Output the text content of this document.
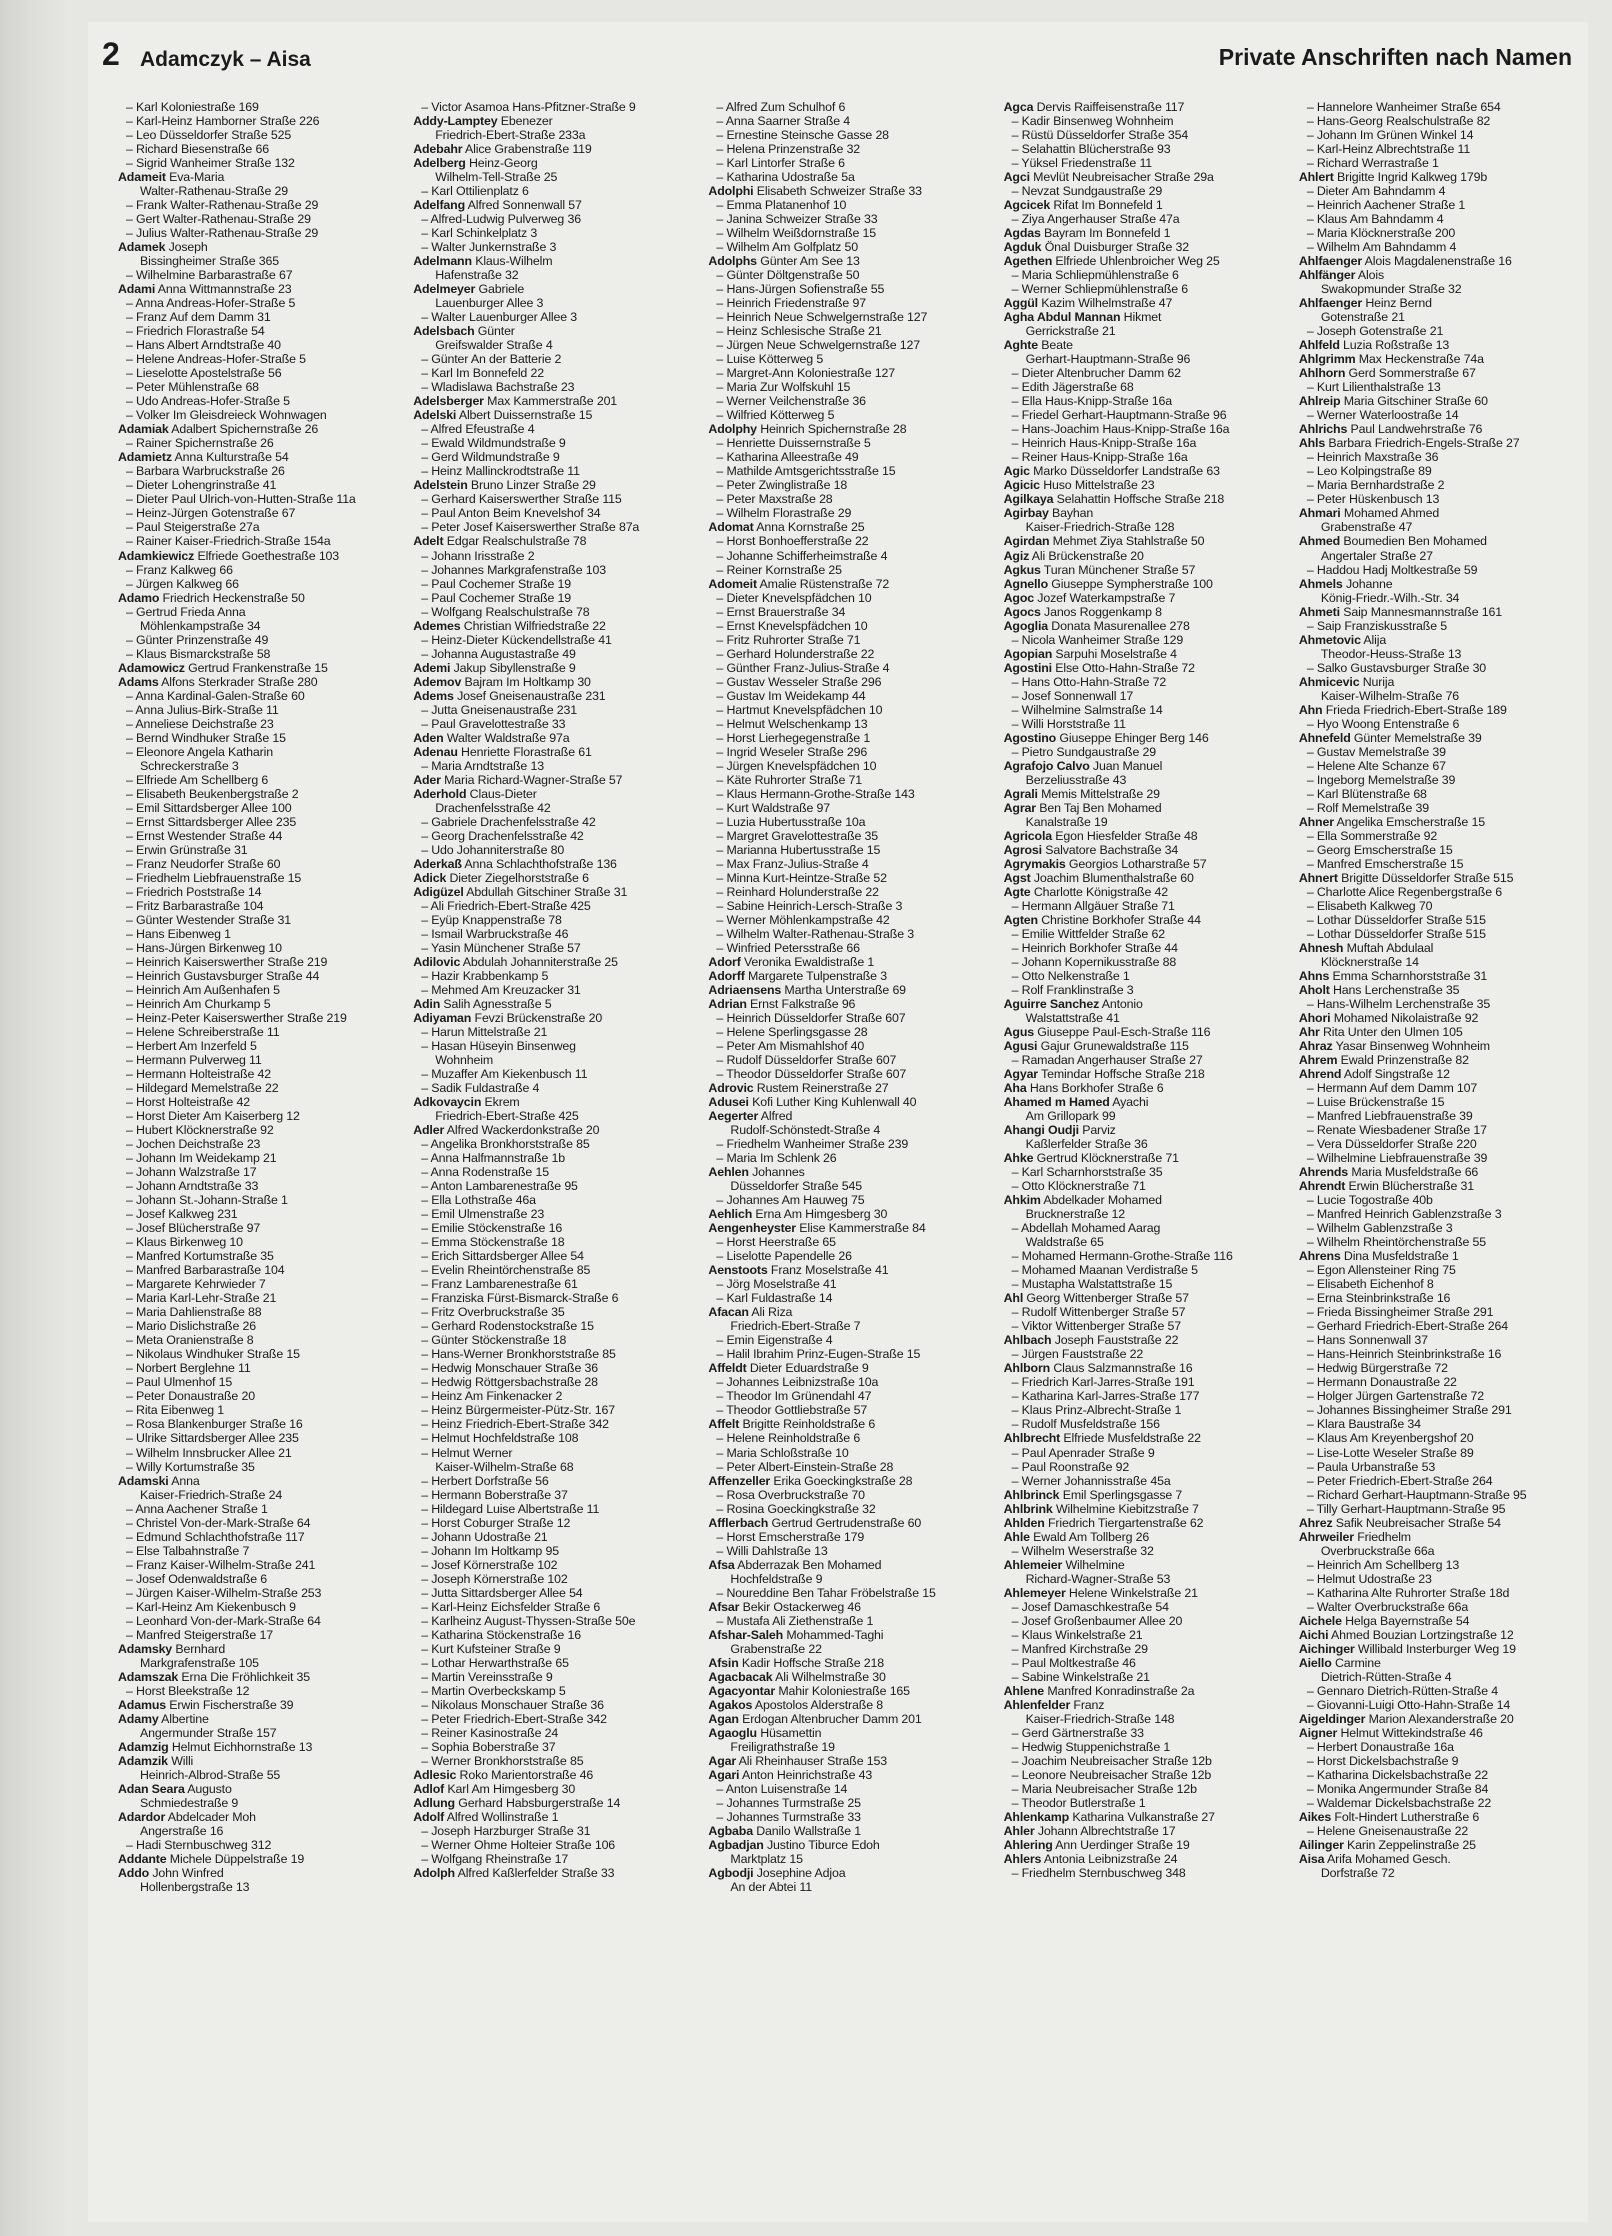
2 Adamczyk – Aisa	Private Anschriften nach Namen
– Karl Koloniestraße 169
– Karl-Heinz Hamborner Straße 226
– Leo Düsseldorfer Straße 525
– Richard Biesenstraße 66
– Sigrid Wanheimer Straße 132
Adameit Eva-Maria
Walter-Rathenau-Straße 29
– Frank Walter-Rathenau-Straße 29
– Gert Walter-Rathenau-Straße 29
– Julius Walter-Rathenau-Straße 29
Adamek Joseph
Bissingheimer Straße 365
– Wilhelmine Barbarastraße 67
Adami Anna Wittmannstraße 23
– Anna Andreas-Hofer-Straße 5
– Franz Auf dem Damm 31
– Friedrich Florastraße 54
– Hans Albert Arndtstraße 40
– Helene Andreas-Hofer-Straße 5
– Lieselotte Apostelstraße 56
– Peter Mühlenstraße 68
– Udo Andreas-Hofer-Straße 5
– Volker Im Gleisdreieck Wohnwagen
Adamiak Adalbert Spichernstraße 26
– Rainer Spichernstraße 26
Adamietz Anna Kulturstraße 54
– Barbara Warbruckstraße 26
– Dieter Lohengrinstraße 41
– Dieter Paul Ulrich-von-Hutten-Straße 11a
– Heinz-Jürgen Gotenstraße 67
– Paul Steigerstraße 27a
– Rainer Kaiser-Friedrich-Straße 154a
Adamkiewicz Elfriede Goethestraße 103
– Franz Kalkweg 66
– Jürgen Kalkweg 66
Adamo Friedrich Heckenstraße 50
– Gertrud Frieda Anna
Möhlenkampstraße 34
– Günter Prinzenstraße 49
– Klaus Bismarckstraße 58
Adamowicz Gertrud Frankenstraße 15
Adams Alfons Sterkrader Straße 280
– Anna Kardinal-Galen-Straße 60
– Anna Julius-Birk-Straße 11
– Anneliese Deichstraße 23
– Bernd Windhuker Straße 15
– Eleonore Angela Katharin
Schreckerstraße 3
– Elfriede Am Schellberg 6
– Elisabeth Beukenbergstraße 2
– Emil Sittardsberger Allee 100
– Ernst Sittardsberger Allee 235
– Ernst Westender Straße 44
– Erwin Grünstraße 31
– Franz Neudorfer Straße 60
– Friedhelm Liebfrauenstraße 15
– Friedrich Poststraße 14
– Fritz Barbarastraße 104
– Günter Westender Straße 31
– Hans Eibenweg 1
– Hans-Jürgen Birkenweg 10
– Heinrich Kaiserswerther Straße 219
– Heinrich Gustavsburger Straße 44
– Heinrich Am Außenhafen 5
– Heinrich Am Churkamp 5
– Heinz-Peter Kaiserswerther Straße 219
– Helene Schreiberstraße 11
– Herbert Am Inzerfeld 5
– Hermann Pulverweg 11
– Hermann Holteistraße 42
– Hildegard Memelstraße 22
– Horst Holteistraße 42
– Horst Dieter Am Kaiserberg 12
– Hubert Klöcknerstraße 92
– Jochen Deichstraße 23
– Johann Im Weidekamp 21
– Johann Walzstraße 17
– Johann Arndtstraße 33
– Johann St.-Johann-Straße 1
– Josef Kalkweg 231
– Josef Blücherstraße 97
– Klaus Birkenweg 10
– Manfred Kortumstraße 35
– Manfred Barbarastraße 104
– Margarete Kehrwieder 7
– Maria Karl-Lehr-Straße 21
– Maria Dahlienstraße 88
– Mario Dislichstraße 26
– Meta Oranienstraße 8
– Nikolaus Windhuker Straße 15
– Norbert Berglehne 11
– Paul Ulmenhof 15
– Peter Donaustraße 20
– Rita Eibenweg 1
– Rosa Blankenburger Straße 16
– Ulrike Sittardsberger Allee 235
– Wilhelm Innsbrucker Allee 21
– Willy Kortumstraße 35
Adamski Anna
Kaiser-Friedrich-Straße 24
– Anna Aachener Straße 1
– Christel Von-der-Mark-Straße 64
– Edmund Schlachthofstraße 117
– Else Talbahnstraße 7
– Franz Kaiser-Wilhelm-Straße 241
– Josef Odenwaldstraße 6
– Jürgen Kaiser-Wilhelm-Straße 253
– Karl-Heinz Am Kiekenbusch 9
– Leonhard Von-der-Mark-Straße 64
– Manfred Steigerstraße 17
Adamsky Bernhard
Markgrafenstraße 105
Adamszak Erna Die Fröhlichkeit 35
– Horst Bleekstraße 12
Adamus Erwin Fischerstraße 39
Adamy Albertine
Angermunder Straße 157
Adamzig Helmut Eichhornstraße 13
Adamzik Willi
Heinrich-Albrod-Straße 55
Adan Seara Augusto
Schmiedestraße 9
Adardor Abdelcader Moh
Angerstraße 16
– Hadi Sternbuschweg 312
Addante Michele Düppelstraße 19
Addo John Winfred
Hollenbergstraße 13
– Victor Asamoa Hans-Pfitzner-Straße 9
Addy-Lamptey Ebenezer
Friedrich-Ebert-Straße 233a
Adebahr Alice Grabenstraße 119
Adelberg Heinz-Georg
Wilhelm-Tell-Straße 25
– Karl Ottilienplatz 6
Adelfang Alfred Sonnenwall 57
– Alfred-Ludwig Pulverweg 36
– Karl Schinkelplatz 3
– Walter Junkernstraße 3
Adelmann Klaus-Wilhelm
Hafenstraße 32
Adelmeyer Gabriele
Lauenburger Allee 3
– Walter Lauenburger Allee 3
Adelsbach Günter
Greifswalder Straße 4
– Günter An der Batterie 2
– Karl Im Bonnefeld 22
– Wladislawa Bachstraße 23
Adelsberger Max Kammerstraße 201
Adelski Albert Duissernstraße 15
– Alfred Efeustraße 4
– Ewald Wildmundstraße 9
– Gerd Wildmundstraße 9
– Heinz Mallinckrodtstraße 11
Adelstein Bruno Linzer Straße 29
– Gerhard Kaiserswerther Straße 115
– Paul Anton Beim Knevelshof 34
– Peter Josef Kaiserswerther Straße 87a
Adelt Edgar Realschulstraße 78
– Johann Irisstraße 2
– Johannes Markgrafenstraße 103
– Paul Cochemer Straße 19
– Paul Cochemer Straße 19
– Wolfgang Realschulstraße 78
Ademes Christian Wilfriedstraße 22
– Heinz-Dieter Kückendellstraße 41
– Johanna Augustastraße 49
Ademi Jakup Sibyllenstraße 9
Ademov Bajram Im Holtkamp 30
Adems Josef Gneisenaustraße 231
– Jutta Gneisenaustraße 231
– Paul Gravelottestraße 33
Aden Walter Waldstraße 97a
Adenau Henriette Florastraße 61
– Maria Arndtstraße 13
Ader Maria Richard-Wagner-Straße 57
Aderhold Claus-Dieter
Drachenfelsstraße 42
– Gabriele Drachenfelsstraße 42
– Georg Drachenfelsstraße 42
– Udo Johanniterstraße 80
Aderkaß Anna Schlachthofstraße 136
Adick Dieter Ziegelhorststraße 6
Adigüzel Abdullah Gitschiner Straße 31
– Ali Friedrich-Ebert-Straße 425
– Eyüp Knappenstraße 78
– Ismail Warbruckstraße 46
– Yasin Münchener Straße 57
Adilovic Abdulah Johanniterstraße 25
– Hazir Krabbenkamp 5
– Mehmed Am Kreuzacker 31
Adin Salih Agnesstraße 5
Adiyaman Fevzi Brückenstraße 20
– Harun Mittelstraße 21
– Hasan Hüseyin Binsenweg
Wohnheim
– Muzaffer Am Kiekenbusch 11
– Sadik Fuldastraße 4
Adkovaycin Ekrem
Friedrich-Ebert-Straße 425
Adler Alfred Wackerdonkstraße 20
– Angelika Bronkhorststraße 85
– Anna Halfmannstraße 1b
– Anna Rodenstraße 15
– Anton Lambarenestraße 95
– Ella Lothstraße 46a
– Emil Ulmenstraße 23
– Emilie Stöckenstraße 16
– Emma Stöckenstraße 18
– Erich Sittardsberger Allee 54
– Evelin Rheintörchenstraße 85
– Franz Lambarenestraße 61
– Franziska Fürst-Bismarck-Straße 6
– Fritz Overbruckstraße 35
– Gerhard Rodenstockstraße 15
– Günter Stöckenstraße 18
– Hans-Werner Bronkhorststraße 85
– Hedwig Monschauer Straße 36
– Hedwig Röttgersbachstraße 28
– Heinz Am Finkenacker 2
– Heinz Bürgermeister-Pütz-Str. 167
– Heinz Friedrich-Ebert-Straße 342
– Helmut Hochfeldstraße 108
– Helmut Werner
Kaiser-Wilhelm-Straße 68
– Herbert Dorfstraße 56
– Hermann Boberstraße 37
– Hildegard Luise Albertstraße 11
– Horst Coburger Straße 12
– Johann Udostraße 21
– Johann Im Holtkamp 95
– Josef Körnerstraße 102
– Joseph Körnerstraße 102
– Jutta Sittardsberger Allee 54
– Karl-Heinz Eichsfelder Straße 6
– Karlheinz August-Thyssen-Straße 50e
– Katharina Stöckenstraße 16
– Kurt Kufsteiner Straße 9
– Lothar Herwarthstraße 65
– Martin Vereinsstraße 9
– Martin Overbeckskamp 5
– Nikolaus Monschauer Straße 36
– Peter Friedrich-Ebert-Straße 342
– Reiner Kasinostraße 24
– Sophia Boberstraße 37
– Werner Bronkhorststraße 85
Adlesic Roko Marientorstraße 46
Adlof Karl Am Himgesberg 30
Adlung Gerhard Habsburgerstraße 14
Adolf Alfred Wollinstraße 1
– Joseph Harzburger Straße 31
– Werner Ohme Holteier Straße 106
– Wolfgang Rheinstraße 17
Adolph Alfred Kaßlerfelder Straße 33
– Alfred Zum Schulhof 6
– Anna Saarner Straße 4
– Ernestine Steinsche Gasse 28
– Helena Prinzenstraße 32
– Karl Lintorfer Straße 6
– Katharina Udostraße 5a
Adolphi Elisabeth Schweizer Straße 33
– Emma Platanenhof 10
– Janina Schweizer Straße 33
– Wilhelm Weißdornstraße 15
– Wilhelm Am Golfplatz 50
Adolphs Günter Am See 13
– Günter Döltgenstraße 50
– Hans-Jürgen Sofienstraße 55
– Heinrich Friedenstraße 97
– Heinrich Neue Schwelgernstraße 127
– Heinz Schlesische Straße 21
– Jürgen Neue Schwelgernstraße 127
– Luise Kötterweg 5
– Margret-Ann Koloniestraße 127
– Maria Zur Wolfskuhl 15
– Werner Veilchenstraße 36
– Wilfried Kötterweg 5
Adolphy Heinrich Spichernstraße 28
– Henriette Duissernstraße 5
– Katharina Alleestraße 49
– Mathilde Amtsgerichtsstraße 15
– Peter Zwinglistraße 18
– Peter Maxstraße 28
– Wilhelm Florastraße 29
Adomat Anna Kornstraße 25
– Horst Bonhoefferstraße 22
– Johanne Schifferheimstraße 4
– Reiner Kornstraße 25
Adomeit Amalie Rüstenstraße 72
– Dieter Knevelspfädchen 10
– Ernst Brauerstraße 34
– Ernst Knevelspfädchen 10
– Fritz Ruhrorter Straße 71
– Gerhard Holunderstraße 22
– Günther Franz-Julius-Straße 4
– Gustav Wesseler Straße 296
– Gustav Im Weidekamp 44
– Hartmut Knevelspfädchen 10
– Helmut Welschenkamp 13
– Horst Lierhegegenstraße 1
– Ingrid Weseler Straße 296
– Jürgen Knevelspfädchen 10
– Käte Ruhrorter Straße 71
– Klaus Hermann-Grothe-Straße 143
– Kurt Waldstraße 97
– Luzia Hubertusstraße 10a
– Margret Gravelottestraße 35
– Marianna Hubertusstraße 15
– Max Franz-Julius-Straße 4
– Minna Kurt-Heintze-Straße 52
– Reinhard Holunderstraße 22
– Sabine Heinrich-Lersch-Straße 3
– Werner Möhlenkampstraße 42
– Wilhelm Walter-Rathenau-Straße 3
– Winfried Petersstraße 66
Adorf Veronika Ewaldistraße 1
Adorff Margarete Tulpenstraße 3
Adriaensens Martha Unterstraße 69
Adrian Ernst Falkstraße 96
– Heinrich Düsseldorfer Straße 607
– Helene Sperlingsgasse 28
– Peter Am Mismahlshof 40
– Rudolf Düsseldorfer Straße 607
– Theodor Düsseldorfer Straße 607
Adrovic Rustem Reinerstraße 27
Adusei Kofi Luther King Kuhlenwall 40
Aegerter Alfred
Rudolf-Schönstedt-Straße 4
– Friedhelm Wanheimer Straße 239
– Maria Im Schlenk 26
Aehlen Johannes
Düsseldorfer Straße 545
– Johannes Am Hauweg 75
Aehlich Erna Am Himgesberg 30
Aengenheyster Elise Kammerstraße 84
– Horst Heerstraße 65
– Liselotte Papendelle 26
Aenstoots Franz Moselstraße 41
– Jörg Moselstraße 41
– Karl Fuldastraße 14
Afacan Ali Riza
Friedrich-Ebert-Straße 7
– Emin Eigenstraße 4
– Halil Ibrahim Prinz-Eugen-Straße 15
Affeldt Dieter Eduardstraße 9
– Johannes Leibnizstraße 10a
– Theodor Im Grünendahl 47
– Theodor Gottliebstraße 57
Affelt Brigitte Reinholdstraße 6
– Helene Reinholdstraße 6
– Maria Schloßstraße 10
– Peter Albert-Einstein-Straße 28
Affenzeller Erika Goeckingkstraße 28
– Rosa Overbruckstraße 70
– Rosina Goeckingkstraße 32
Afflerbach Gertrud Gertrudenstraße 60
– Horst Emscherstraße 179
– Willi Dahlstraße 13
Afsa Abderrazak Ben Mohamed
Hochfeldstraße 9
– Noureddine Ben Tahar Fröbelstraße 15
Afsar Bekir Ostackerweg 46
– Mustafa Ali Ziethenstraße 1
Afshar-Saleh Mohammed-Taghi
Grabenstraße 22
Afsin Kadir Hoffsche Straße 218
Agacbacak Ali Wilhelmstraße 30
Agacyontar Mahir Koloniestraße 165
Agakos Apostolos Alderstraße 8
Agan Erdogan Altenbrucher Damm 201
Agaoglu Hüsamettin
Freiligrathstraße 19
Agar Ali Rheinhauser Straße 153
Agari Anton Heinrichstraße 43
– Anton Luisenstraße 14
– Johannes Turmstraße 25
– Johannes Turmstraße 33
Agbaba Danilo Wallstraße 1
Agbadjan Justino Tiburce Edoh
Marktplatz 15
Agbodji Josephine Adjoa
An der Abtei 11
Agca Dervis Raiffeisenstraße 117
– Kadir Binsenweg Wohnheim
– Rüstü Düsseldorfer Straße 354
– Selahattin Blücherstraße 93
– Yüksel Friedenstraße 11
Agci Mevlüt Neubreisacher Straße 29a
– Nevzat Sundgaustraße 29
Agcicek Rifat Im Bonnefeld 1
– Ziya Angerhauser Straße 47a
Agdas Bayram Im Bonnefeld 1
Agduk Önal Duisburger Straße 32
Agethen Elfriede Uhlenbroicher Weg 25
– Maria Schliepmühlenstraße 6
– Werner Schliepmühlenstraße 6
Aggül Kazim Wilhelmstraße 47
Agha Abdul Mannan Hikmet
Gerrickstraße 21
Aghte Beate
Gerhart-Hauptmann-Straße 96
– Dieter Altenbrucher Damm 62
– Edith Jägerstraße 68
– Ella Haus-Knipp-Straße 16a
– Friedel Gerhart-Hauptmann-Straße 96
– Hans-Joachim Haus-Knipp-Straße 16a
– Heinrich Haus-Knipp-Straße 16a
– Reiner Haus-Knipp-Straße 16a
Agic Marko Düsseldorfer Landstraße 63
Agicic Huso Mittelstraße 23
Agilkaya Selahattin Hoffsche Straße 218
Agirbay Bayhan
Kaiser-Friedrich-Straße 128
Agirdan Mehmet Ziya Stahlstraße 50
Agiz Ali Brückenstraße 20
Agkus Turan Münchener Straße 57
Agnello Giuseppe Sympherstraße 100
Agoc Jozef Waterkampstraße 7
Agocs Janos Roggenkamp 8
Agoglia Donata Masurenallee 278
– Nicola Wanheimer Straße 129
Agopian Sarpuhi Moselstraße 4
Agostini Else Otto-Hahn-Straße 72
– Hans Otto-Hahn-Straße 72
– Josef Sonnenwall 17
– Wilhelmine Salmstraße 14
– Willi Horststraße 11
Agostino Giuseppe Ehinger Berg 146
– Pietro Sundgaustraße 29
Agrafojo Calvo Juan Manuel
Berzeliusstraße 43
Agrali Memis Mittelstraße 29
Agrar Ben Taj Ben Mohamed
Kanalstraße 19
Agricola Egon Hiesfelder Straße 48
Agrosi Salvatore Bachstraße 34
Agrymakis Georgios Lotharstraße 57
Agst Joachim Blumenthalstraße 60
Agte Charlotte Königstraße 42
– Hermann Allgäuer Straße 71
Agten Christine Borkhofer Straße 44
– Emilie Wittfelder Straße 62
– Heinrich Borkhofer Straße 44
– Johann Kopernikusstraße 88
– Otto Nelkenstraße 1
– Rolf Franklinstraße 3
Aguirre Sanchez Antonio
Walstattstraße 41
Agus Giuseppe Paul-Esch-Straße 116
Agusi Gajur Grunewaldstraße 115
– Ramadan Angerhauser Straße 27
Agyar Temindar Hoffsche Straße 218
Aha Hans Borkhofer Straße 6
Ahamed m Hamed Ayachi
Am Grillopark 99
Ahangi Oudji Parviz
Kaßlerfelder Straße 36
Ahke Gertrud Klöcknerstraße 71
– Karl Scharnhorststraße 35
– Otto Klöcknerstraße 71
Ahkim Abdelkader Mohamed
Brucknerstraße 12
– Abdellah Mohamed Aarag
Waldstraße 65
– Mohamed Hermann-Grothe-Straße 116
– Mohamed Maanan Verdistraße 5
– Mustapha Walstattstraße 15
Ahl Georg Wittenberger Straße 57
– Rudolf Wittenberger Straße 57
– Viktor Wittenberger Straße 57
Ahlbach Joseph Fauststraße 22
– Jürgen Fauststraße 22
Ahlborn Claus Salzmannstraße 16
– Friedrich Karl-Jarres-Straße 191
– Katharina Karl-Jarres-Straße 177
– Klaus Prinz-Albrecht-Straße 1
– Rudolf Musfeldstraße 156
Ahlbrecht Elfriede Musfeldstraße 22
– Paul Apenrader Straße 9
– Paul Roonstraße 92
– Werner Johannisstraße 45a
Ahlbrinck Emil Sperlingsgasse 7
Ahlbrink Wilhelmine Kiebitzstraße 7
Ahlden Friedrich Tiergartenstraße 62
Ahle Ewald Am Tollberg 26
– Wilhelm Weserstraße 32
Ahlemeier Wilhelmine
Richard-Wagner-Straße 53
Ahlemeyer Helene Winkelstraße 21
– Josef Damaschkestraße 54
– Josef Großenbaumer Allee 20
– Klaus Winkelstraße 21
– Manfred Kirchstraße 29
– Paul Moltkestraße 46
– Sabine Winkelstraße 21
Ahlene Manfred Konradinstraße 2a
Ahlenfelder Franz
Kaiser-Friedrich-Straße 148
– Gerd Gärtnerstraße 33
– Hedwig Stuppenichstraße 1
– Joachim Neubreisacher Straße 12b
– Leonore Neubreisacher Straße 12b
– Maria Neubreisacher Straße 12b
– Theodor Butlerstraße 1
Ahlenkamp Katharina Vulkanstraße 27
Ahler Johann Albrechtstraße 17
Ahlering Ann Uerdinger Straße 19
Ahlers Antonia Leibnizstraße 24
– Friedhelm Sternbuschweg 348
– Hannelore Wanheimer Straße 654
– Hans-Georg Realschulstraße 82
– Johann Im Grünen Winkel 14
– Karl-Heinz Albrechtstraße 11
– Richard Werrastraße 1
Ahlert Brigitte Ingrid Kalkweg 179b
– Dieter Am Bahndamm 4
– Heinrich Aachener Straße 1
– Klaus Am Bahndamm 4
– Maria Klöcknerstraße 200
– Wilhelm Am Bahndamm 4
Ahlfaenger Alois Magdalenenstraße 16
Ahlfänger Alois
Swakopmunder Straße 32
Ahlfaenger Heinz Bernd
Gotenstraße 21
– Joseph Gotenstraße 21
Ahlfeld Luzia Roßstraße 13
Ahlgrimm Max Heckenstraße 74a
Ahlhorn Gerd Sommerstraße 67
– Kurt Lilienthalstraße 13
Ahlreip Maria Gitschiner Straße 60
– Werner Waterloostraße 14
Ahlrichs Paul Landwehrstraße 76
Ahls Barbara Friedrich-Engels-Straße 27
– Heinrich Maxstraße 36
– Leo Kolpingstraße 89
– Maria Bernhardstraße 2
– Peter Hüskenbusch 13
Ahmari Mohamed Ahmed
Grabenstraße 47
Ahmed Boumedien Ben Mohamed
Angertaler Straße 27
– Haddou Hadj Moltkestraße 59
Ahmels Johanne
König-Friedr.-Wilh.-Str. 34
Ahmeti Saip Mannesmannstraße 161
– Saip Franziskusstraße 5
Ahmetovic Alija
Theodor-Heuss-Straße 13
– Salko Gustavsburger Straße 30
Ahmicevic Nurija
Kaiser-Wilhelm-Straße 76
Ahn Frieda Friedrich-Ebert-Straße 189
– Hyo Woong Entenstraße 6
Ahnefeld Günter Memelstraße 39
– Gustav Memelstraße 39
– Helene Alte Schanze 67
– Ingeborg Memelstraße 39
– Karl Blütenstraße 68
– Rolf Memelstraße 39
Ahner Angelika Emscherstraße 15
– Ella Sommerstraße 92
– Georg Emscherstraße 15
– Manfred Emscherstraße 15
Ahnert Brigitte Düsseldorfer Straße 515
– Charlotte Alice Regenbergstraße 6
– Elisabeth Kalkweg 70
– Lothar Düsseldorfer Straße 515
– Lothar Düsseldorfer Straße 515
Ahnesh Muftah Abdulaal
Klöcknerstraße 14
Ahns Emma Scharnhorststraße 31
Aholt Hans Lerchenstraße 35
– Hans-Wilhelm Lerchenstraße 35
Ahori Mohamed Nikolaistraße 92
Ahr Rita Unter den Ulmen 105
Ahraz Yasar Binsenweg Wohnheim
Ahrem Ewald Prinzenstraße 82
Ahrend Adolf Singstraße 12
– Hermann Auf dem Damm 107
– Luise Brückenstraße 15
– Manfred Liebfrauenstraße 39
– Renate Wiesbadener Straße 17
– Vera Düsseldorfer Straße 220
– Wilhelmine Liebfrauenstraße 39
Ahrends Maria Musfeldstraße 66
Ahrendt Erwin Blücherstraße 31
– Lucie Togostraße 40b
– Manfred Heinrich Gablenzstraße 3
– Wilhelm Gablenzstraße 3
– Wilhelm Rheintörchenstraße 55
Ahrens Dina Musfeldstraße 1
– Egon Allensteiner Ring 75
– Elisabeth Eichenhof 8
– Erna Steinbrinkstraße 16
– Frieda Bissingheimer Straße 291
– Gerhard Friedrich-Ebert-Straße 264
– Hans Sonnenwall 37
– Hans-Heinrich Steinbrinkstraße 16
– Hedwig Bürgerstraße 72
– Hermann Donaustraße 22
– Holger Jürgen Gartenstraße 72
– Johannes Bissingheimer Straße 291
– Klara Baustraße 34
– Klaus Am Kreyenbergshof 20
– Lise-Lotte Weseler Straße 89
– Paula Urbanstraße 53
– Peter Friedrich-Ebert-Straße 264
– Richard Gerhart-Hauptmann-Straße 95
– Tilly Gerhart-Hauptmann-Straße 95
Ahrez Safik Neubreisacher Straße 54
Ahrweiler Friedhelm
Overbruckstraße 66a
– Heinrich Am Schellberg 13
– Helmut Udostraße 23
– Katharina Alte Ruhrorter Straße 18d
– Walter Overbruckstraße 66a
Aichele Helga Bayernstraße 54
Aichi Ahmed Bouzian Lortzingstraße 12
Aichinger Willibald Insterburger Weg 19
Aiello Carmine
Dietrich-Rütten-Straße 4
– Gennaro Dietrich-Rütten-Straße 4
– Giovanni-Luigi Otto-Hahn-Straße 14
Aigeldinger Marion Alexanderstraße 20
Aigner Helmut Wittekindstraße 46
– Herbert Donaustraße 16a
– Horst Dickelsbachstraße 9
– Katharina Dickelsbachstraße 22
– Monika Angermunder Straße 84
– Waldemar Dickelsbachstraße 22
Aikes Folt-Hindert Lutherstraße 6
– Helene Gneisenaustraße 22
Ailinger Karin Zeppelinstraße 25
Aisa Arifa Mohamed Gesch.
Dorfstraße 72
